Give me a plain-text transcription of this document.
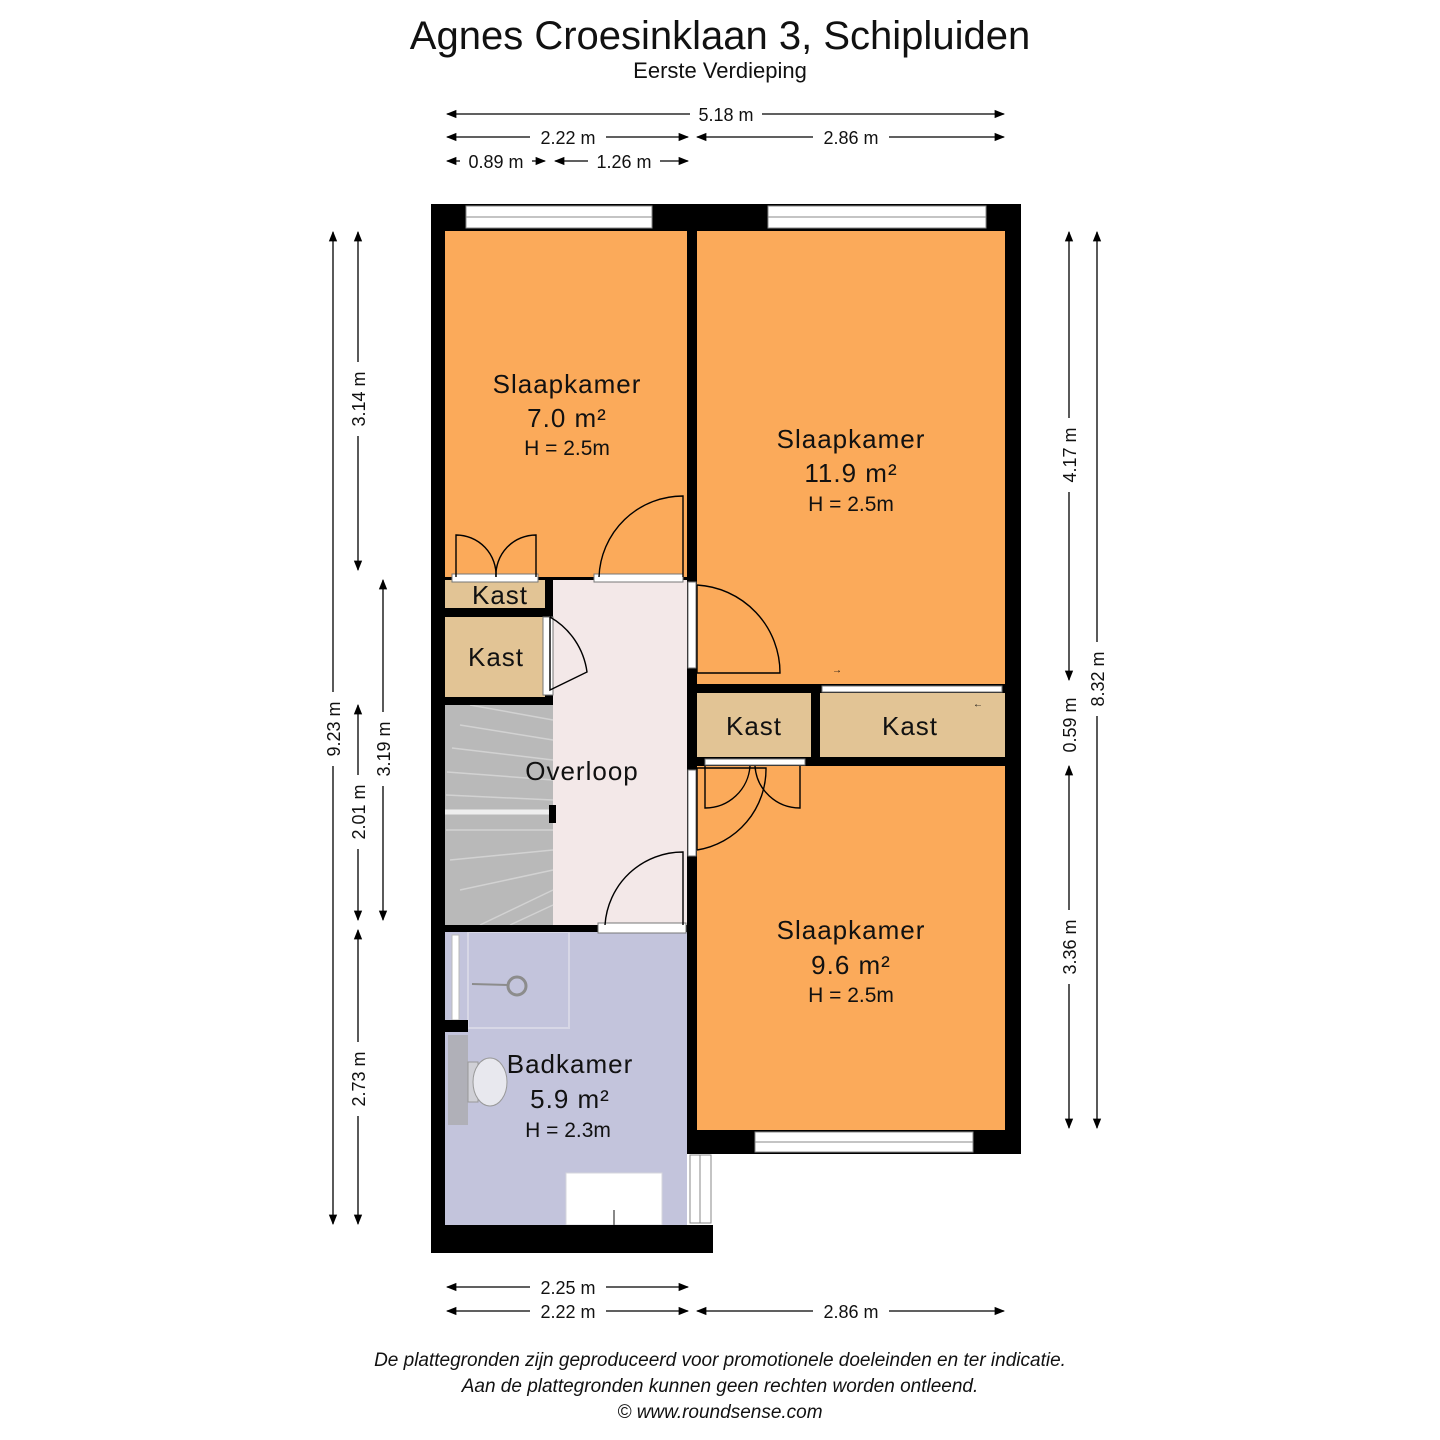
Agnes Croesinklaan 3, Schipluiden
Eerste Verdieping
→
←
Slaapkamer
7.0 m²
H = 2.5m	Slaapkamer
11.9 m²
H = 2.5m
Slaapkamer
9.6 m²
H = 2.5m
Badkamer
5.9 m²
H = 2.3m
Overloop
Kast
Kast
Kast	Kast
5.18 m
2.22 m	2.86 m
0.89 m	1.26 m
2.25 m
2.22 m	2.86 m
9.23 m
3.14 m
3.19 m
2.01 m
2.73 m
4.17 m
0.59 m
3.36 m
8.32 m
De plattegronden zijn geproduceerd voor promotionele doeleinden en ter indicatie.
Aan de plattegronden kunnen geen rechten worden ontleend.
© www.roundsense.com
